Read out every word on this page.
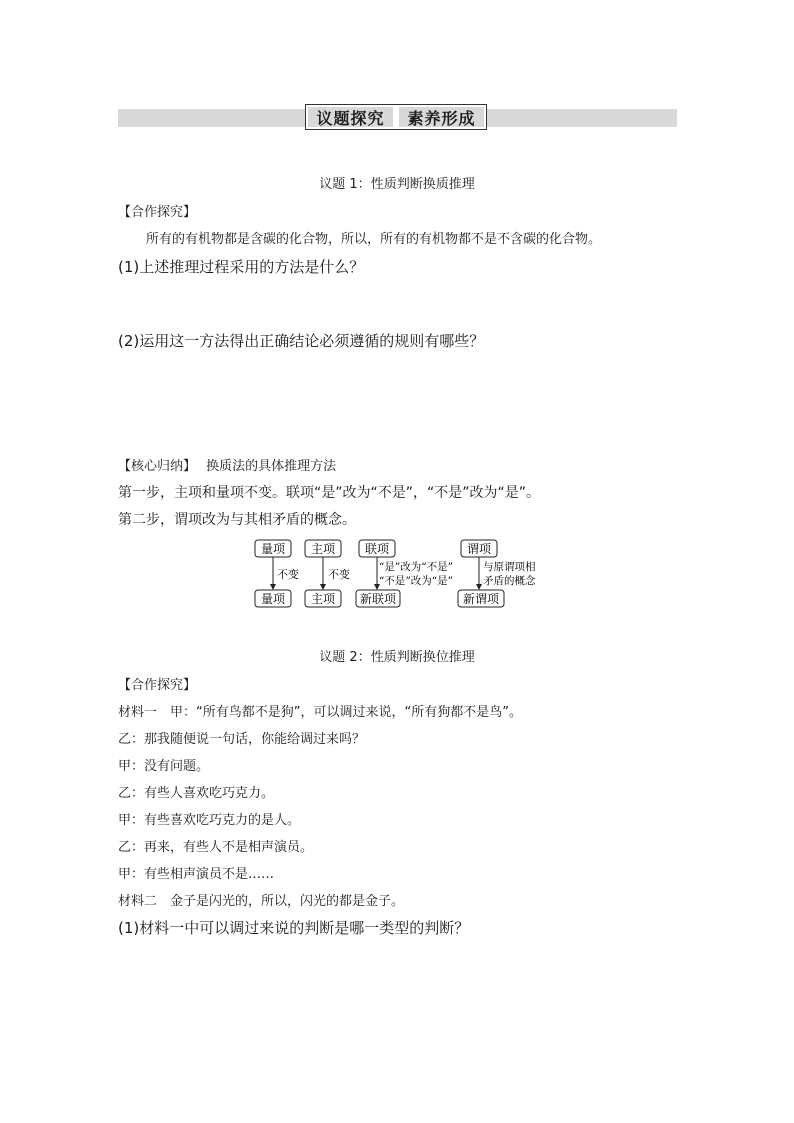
议题探究	素养形成
议题 1：性质判断换质推理
【合作探究】
所有的有机物都是含碳的化合物，所以，所有的有机物都不是不含碳的化合物。
(1)上述推理过程采用的方法是什么？
(2)运用这一方法得出正确结论必须遵循的规则有哪些？
【核心归纳】 换质法的具体推理方法
第一步，主项和量项不变。联项“是”改为“不是”，“不是”改为“是”。
第二步，谓项改为与其相矛盾的概念。
量项 主项 联项	谓项
量项 主项 新联项	新谓项
不变	不变
“是”改为“不是”
“不是”改为“是”
与原谓项相
矛盾的概念
议题 2：性质判断换位推理
【合作探究】
材料一　甲：“所有鸟都不是狗”，可以调过来说，“所有狗都不是鸟”。
乙：那我随便说一句话，你能给调过来吗？
甲：没有问题。
乙：有些人喜欢吃巧克力。
甲：有些喜欢吃巧克力的是人。
乙：再来，有些人不是相声演员。
甲：有些相声演员不是……
材料二　金子是闪光的，所以，闪光的都是金子。
(1)材料一中可以调过来说的判断是哪一类型的判断？
